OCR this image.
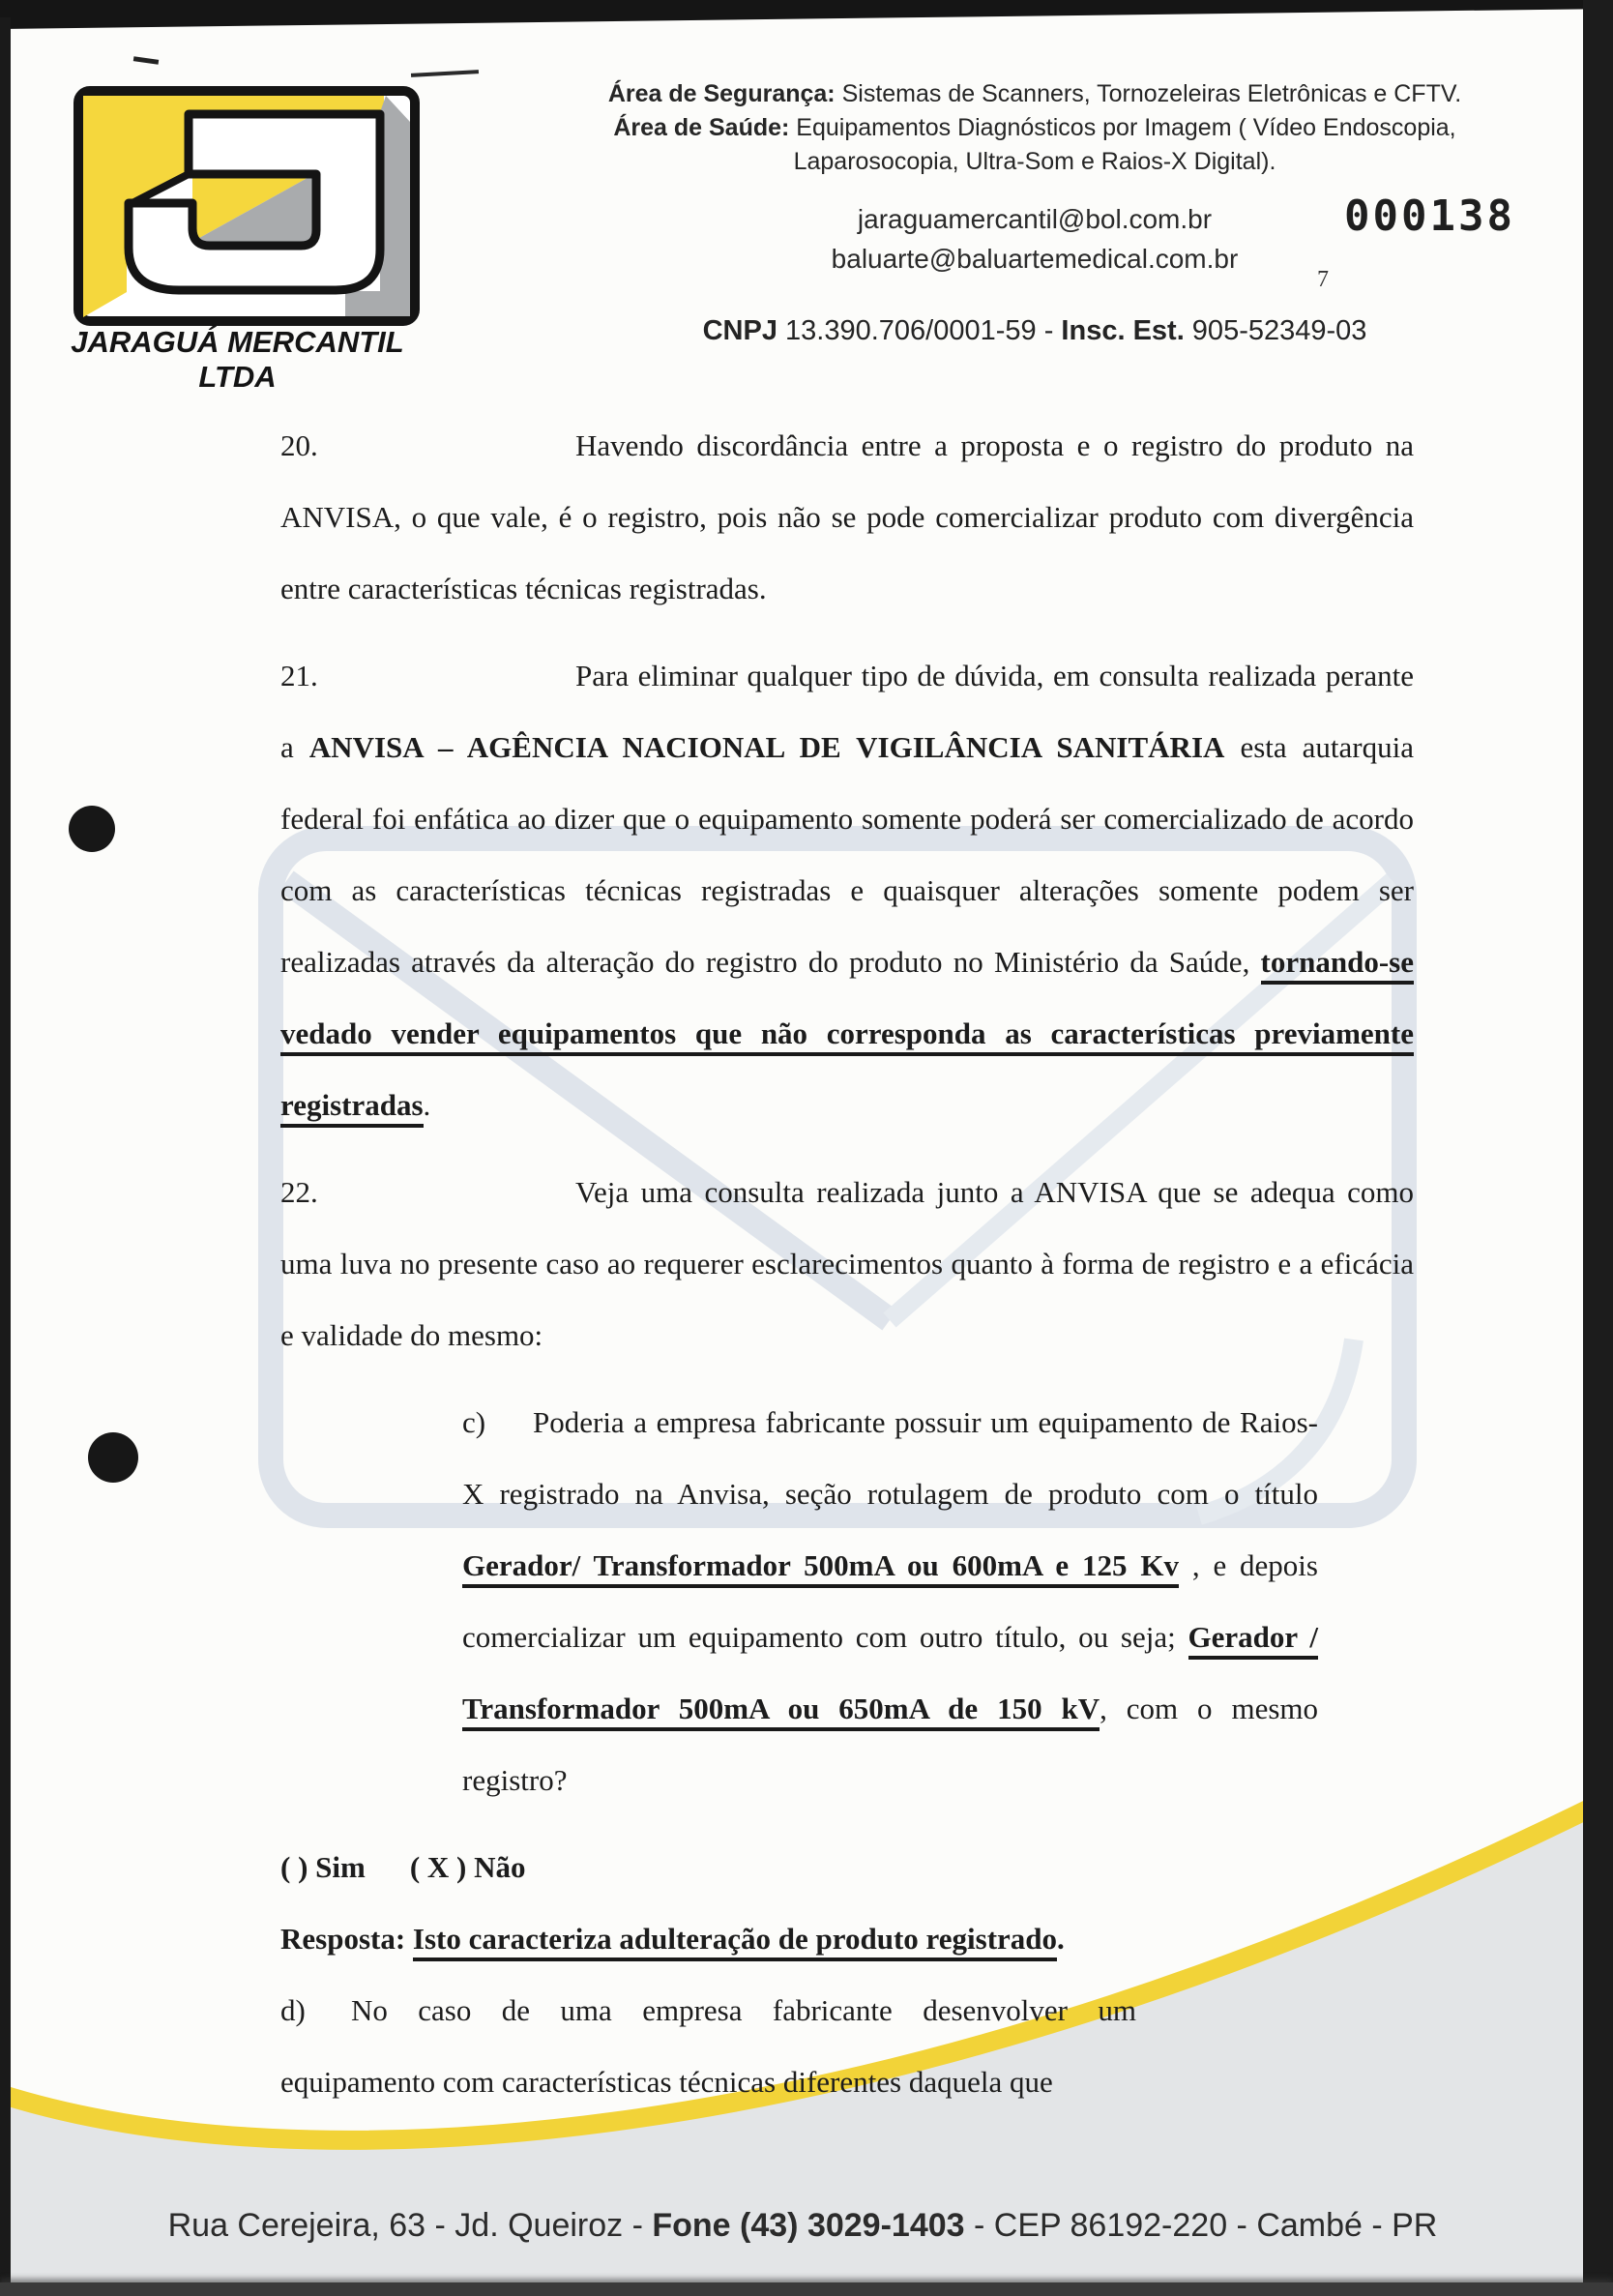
JARAGUÁ MERCANTIL LTDA
Área de Segurança: Sistemas de Scanners, Tornozeleiras Eletrônicas e CFTV.
Área de Saúde: Equipamentos Diagnósticos por Imagem ( Vídeo Endoscopia,
Laparosocopia, Ultra-Som e Raios-X Digital).
jaraguamercantil@bol.com.br
baluarte@baluartemedical.com.br
000138
7
CNPJ 13.390.706/0001-59 - Insc. Est. 905-52349-03

20.	Havendo discordância entre a proposta e o registro do produto na ANVISA, o que vale, é o registro, pois não se pode comercializar produto com divergência entre características técnicas registradas.

21.	Para eliminar qualquer tipo de dúvida, em consulta realizada perante a ANVISA – AGÊNCIA NACIONAL DE VIGILÂNCIA SANITÁRIA esta autarquia federal foi enfática ao dizer que o equipamento somente poderá ser comercializado de acordo com as características técnicas registradas e quaisquer alterações somente podem ser realizadas através da alteração do registro do produto no Ministério da Saúde, tornando-se vedado vender equipamentos que não corresponda as características previamente registradas.

22.	Veja uma consulta realizada junto a ANVISA que se adequa como uma luva no presente caso ao requerer esclarecimentos quanto à forma de registro e a eficácia e validade do mesmo:

c) Poderia a empresa fabricante possuir um equipamento de Raios-X registrado na Anvisa, seção rotulagem de produto com o título Gerador/ Transformador 500mA ou 600mA e 125 Kv , e depois comercializar um equipamento com outro título, ou seja; Gerador / Transformador 500mA ou 650mA de 150 kV, com o mesmo registro?

( ) Sim ( X ) Não

Resposta: Isto caracteriza adulteração de produto registrado.

d) No caso de uma empresa fabricante desenvolver um equipamento com características técnicas diferentes daquela que

Rua Cerejeira, 63 - Jd. Queiroz - Fone (43) 3029-1403 - CEP 86192-220 - Cambé - PR
